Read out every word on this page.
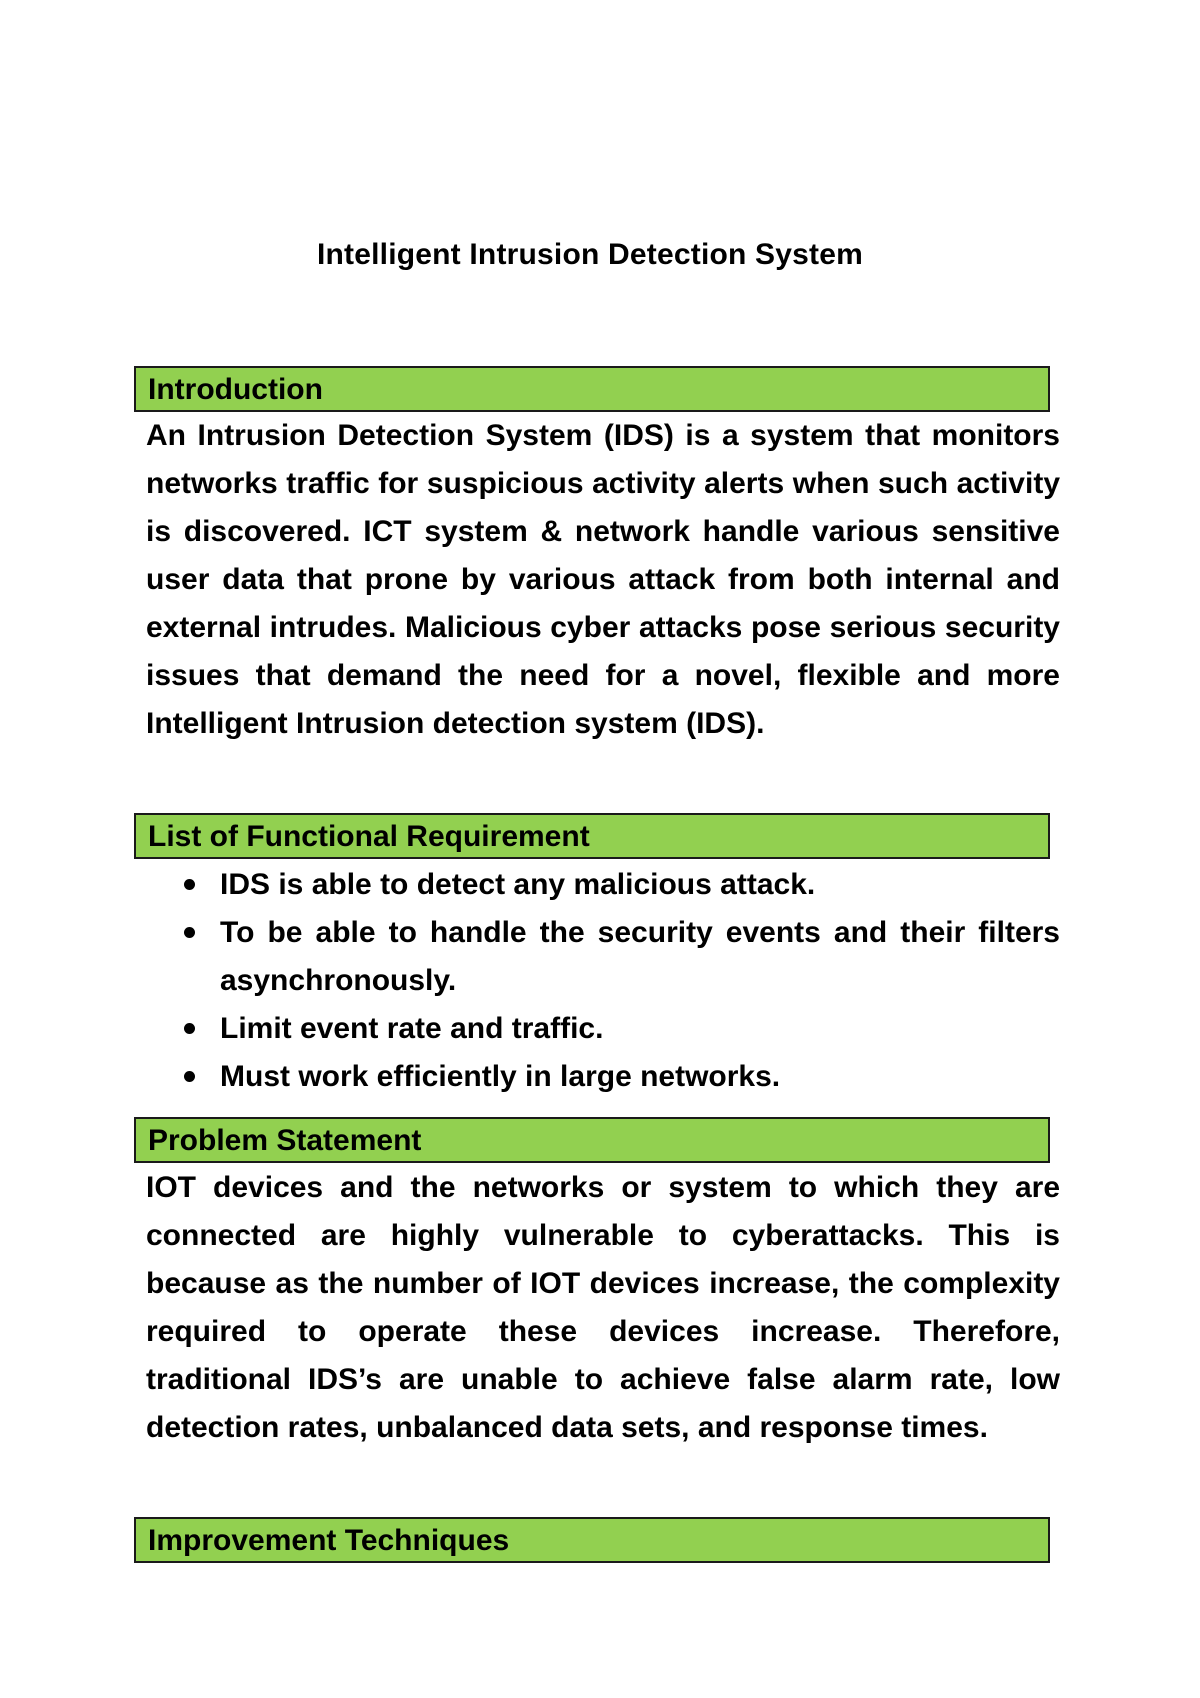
Intelligent Intrusion Detection System
Introduction

An Intrusion Detection System (IDS) is a system that monitors networks traffic for suspicious activity alerts when such activity is discovered. ICT system & network handle various sensitive user data that prone by various attack from both internal and external intrudes. Malicious cyber attacks pose serious security issues that demand the need for a novel, flexible and more Intelligent Intrusion detection system (IDS).

List of Functional Requirement
IDS is able to detect any malicious attack.
To be able to handle the security events and their filters asynchronously.
Limit event rate and traffic.
Must work efficiently in large networks.
Problem Statement

IOT devices and the networks or system to which they are connected are highly vulnerable to cyberattacks. This is because as the number of IOT devices increase, the complexity required to operate these devices increase. Therefore, traditional IDS’s are unable to achieve false alarm rate, low detection rates, unbalanced data sets, and response times.

Improvement Techniques
